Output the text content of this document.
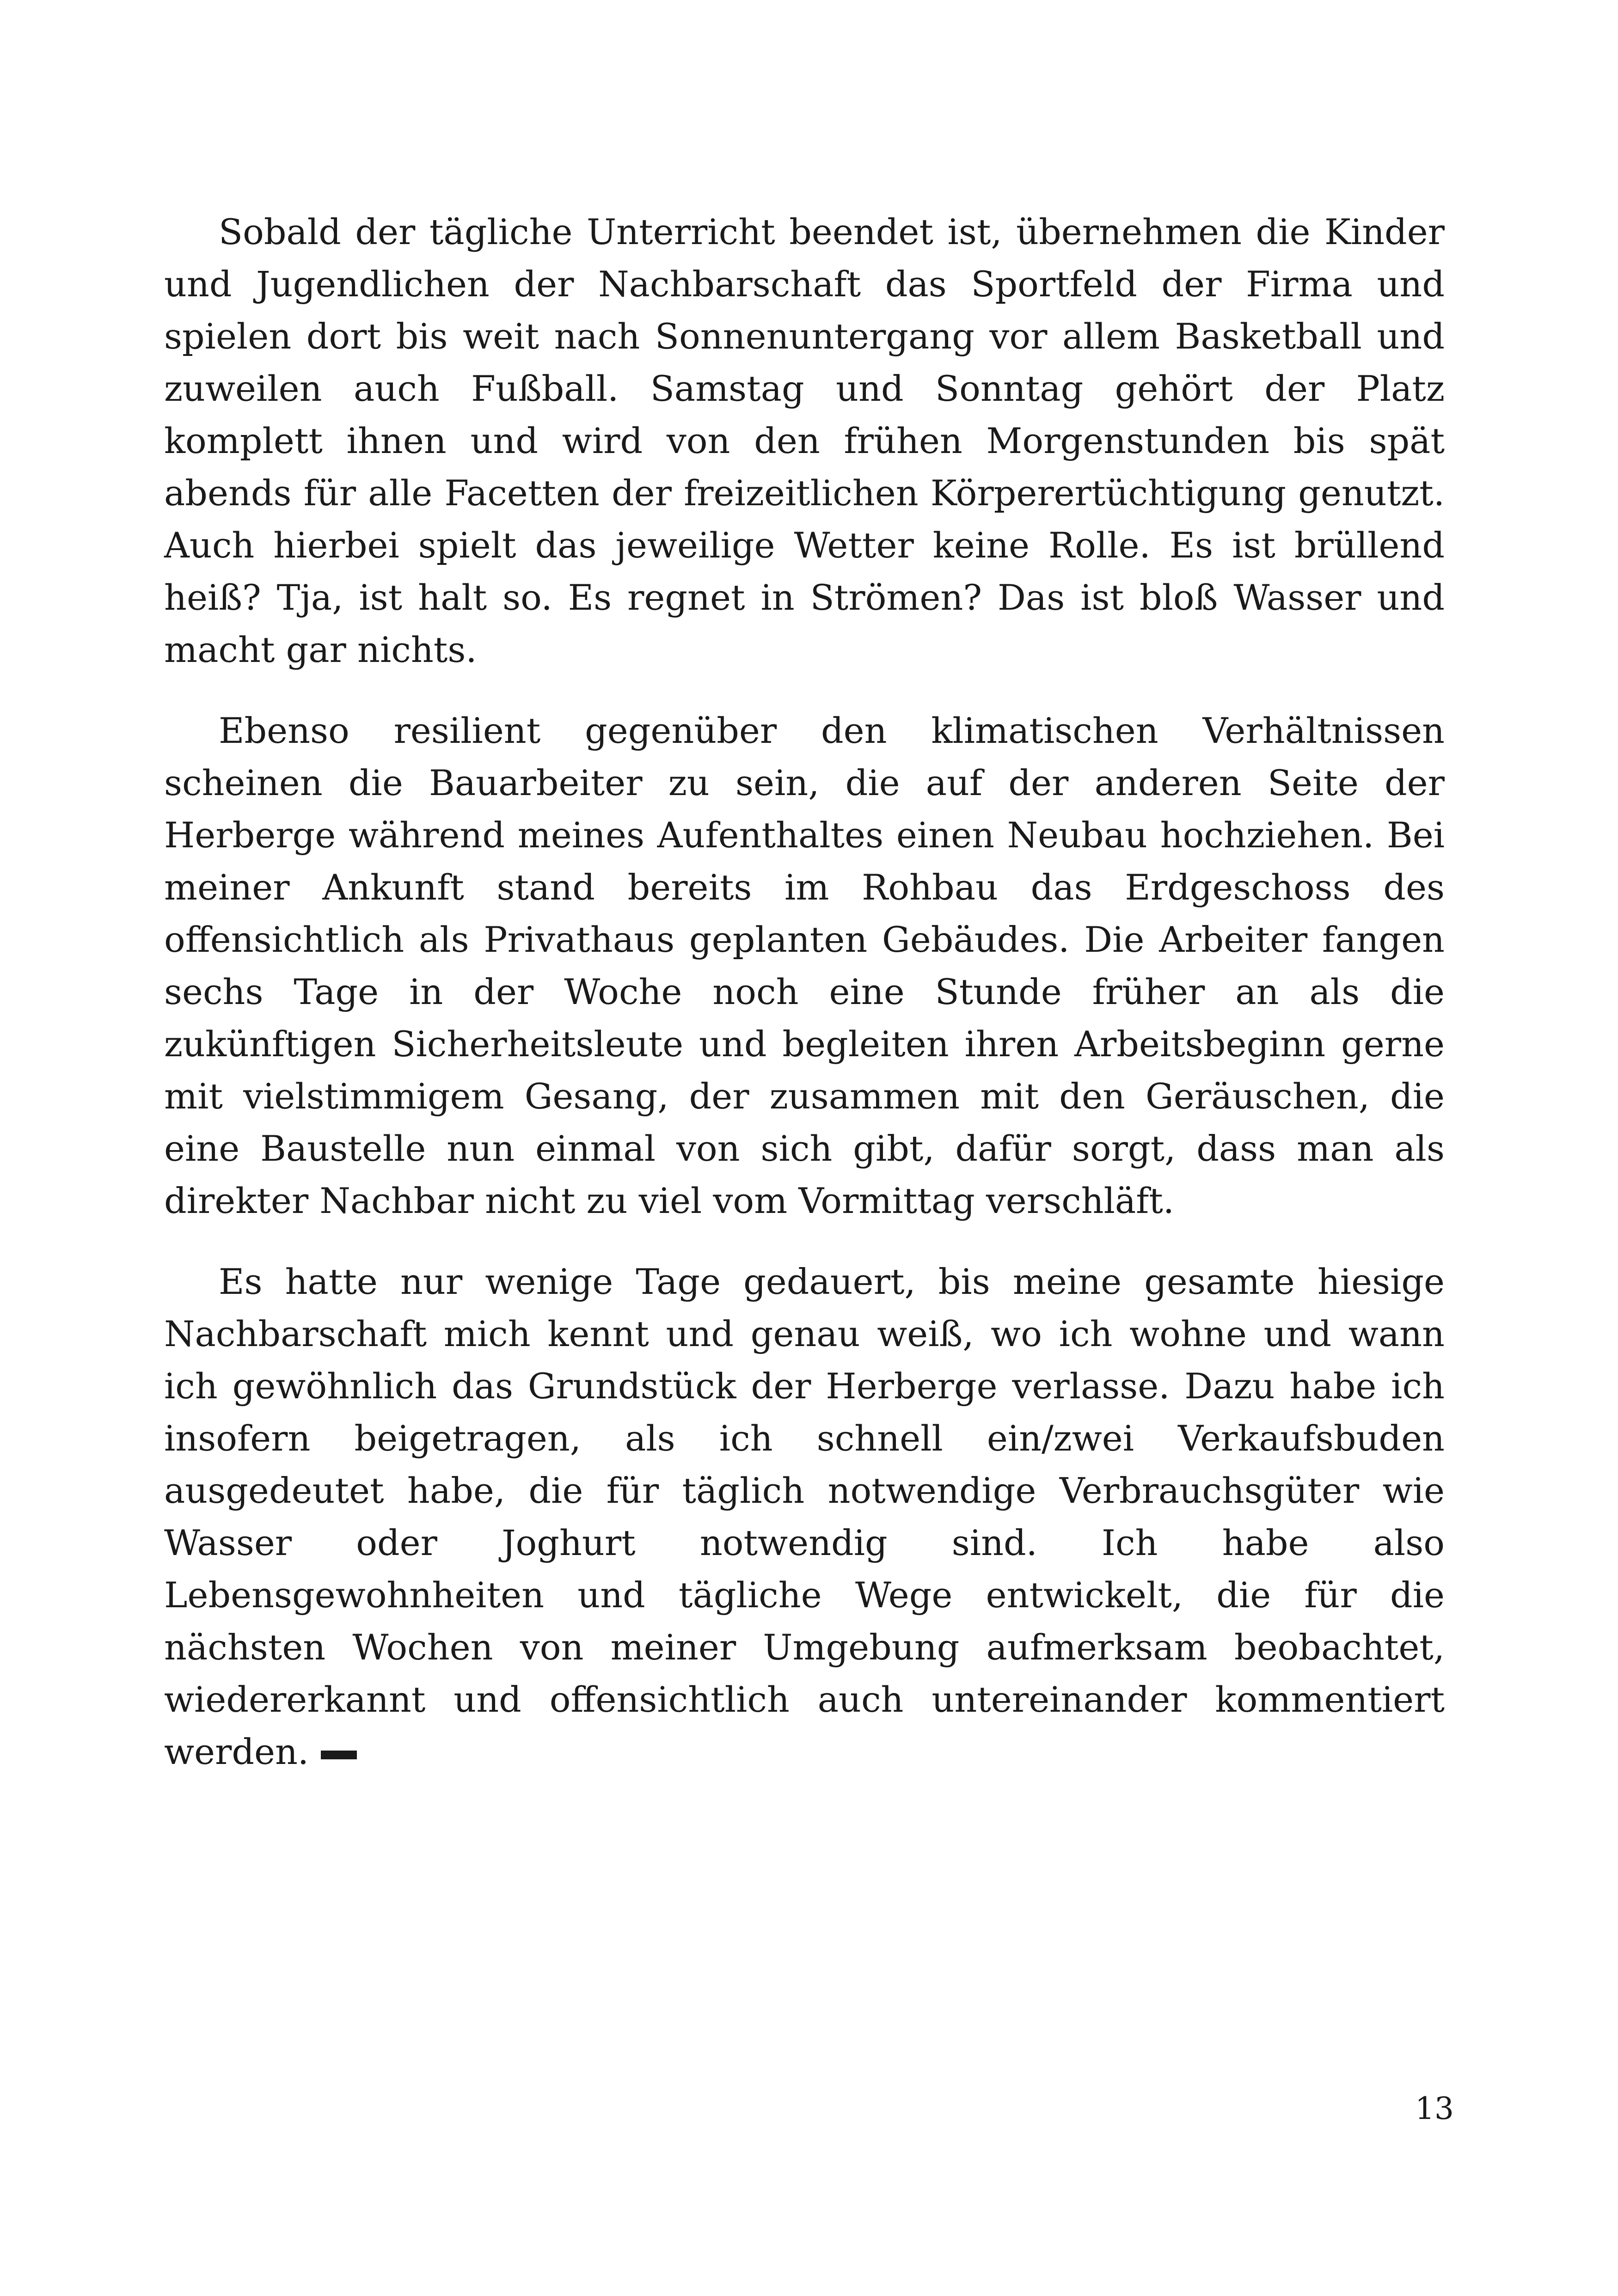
Sobald der tägliche Unterricht beendet ist, übernehmen die Kinder und Jugendlichen der Nachbarschaft das Sportfeld der Firma und spielen dort bis weit nach Sonnenuntergang vor allem Basketball und zuweilen auch Fußball. Samstag und Sonntag gehört der Platz komplett ihnen und wird von den frühen Morgenstunden bis spät abends für alle Facetten der freizeitlichen Körperertüchtigung genutzt. Auch hierbei spielt das jeweilige Wetter keine Rolle. Es ist brüllend heiß? Tja, ist halt so. Es regnet in Strömen? Das ist bloß Wasser und macht gar nichts.

Ebenso resilient gegenüber den klimatischen Verhältnissen scheinen die Bauarbeiter zu sein, die auf der anderen Seite der Herberge während meines Aufenthaltes einen Neubau hochziehen. Bei meiner Ankunft stand bereits im Rohbau das Erdgeschoss des offensichtlich als Privathaus geplanten Gebäudes. Die Arbeiter fangen sechs Tage in der Woche noch eine Stunde früher an als die zukünftigen Sicherheitsleute und begleiten ihren Arbeitsbeginn gerne mit vielstimmigem Gesang, der zusammen mit den Geräuschen, die eine Baustelle nun einmal von sich gibt, dafür sorgt, dass man als direkter Nachbar nicht zu viel vom Vormittag verschläft.

Es hatte nur wenige Tage gedauert, bis meine gesamte hiesige Nachbarschaft mich kennt und genau weiß, wo ich wohne und wann ich gewöhnlich das Grundstück der Herberge verlasse. Dazu habe ich insofern beigetragen, als ich schnell ein/zwei Verkaufsbuden ausgedeutet habe, die für täglich notwendige Verbrauchsgüter wie Wasser oder Joghurt notwendig sind. Ich habe also Lebensgewohnheiten und tägliche Wege entwickelt, die für die nächsten Wochen von meiner Umgebung aufmerksam beobachtet, wiedererkannt und offensichtlich auch untereinander kommentiert werden.

13
